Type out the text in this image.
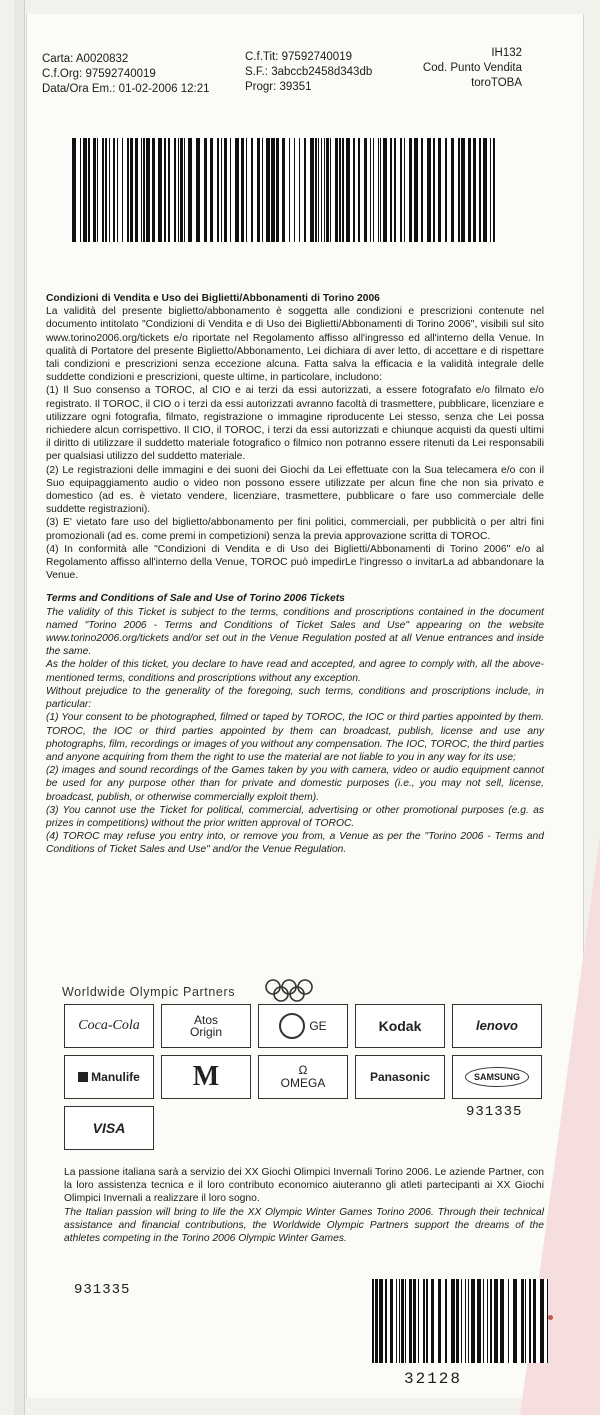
Carta: A0020832
C.f.Org: 97592740019
Data/Ora Em.: 01-02-2006 12:21
C.f.Tit: 97592740019
S.F.: 3abccb2458d343db
Progr: 39351
IH132
Cod. Punto Vendita
toroTOBA

Condizioni di Vendita e Uso dei Biglietti/Abbonamenti di Torino 2006

La validità del presente biglietto/abbonamento è soggetta alle condizioni e prescrizioni contenute nel documento intitolato "Condizioni di Vendita e di Uso dei Biglietti/Abbonamenti di Torino 2006", visibili sul sito www.torino2006.org/tickets e/o riportate nel Regolamento affisso all'ingresso ed all'interno della Venue. In qualità di Portatore del presente Biglietto/Abbonamento, Lei dichiara di aver letto, di accettare e di rispettare tali condizioni e prescrizioni senza eccezione alcuna. Fatta salva la efficacia e la validità integrale delle suddette condizioni e prescrizioni, queste ultime, in particolare, includono:

(1) Il Suo consenso a TOROC, al CIO e ai terzi da essi autorizzati, a essere fotografato e/o filmato e/o registrato. Il TOROC, il CIO o i terzi da essi autorizzati avranno facoltà di trasmettere, pubblicare, licenziare e utilizzare ogni fotografia, filmato, registrazione o immagine riproducente Lei stesso, senza che Lei possa richiedere alcun corrispettivo. Il CIO, il TOROC, i terzi da essi autorizzati e chiunque acquisti da questi ultimi il diritto di utilizzare il suddetto materiale fotografico o filmico non potranno essere ritenuti da Lei responsabili per qualsiasi utilizzo del suddetto materiale.

(2) Le registrazioni delle immagini e dei suoni dei Giochi da Lei effettuate con la Sua telecamera e/o con il Suo equipaggiamento audio o video non possono essere utilizzate per alcun fine che non sia privato e domestico (ad es. è vietato vendere, licenziare, trasmettere, pubblicare o fare uso commerciale delle suddette registrazioni).

(3) E' vietato fare uso del biglietto/abbonamento per fini politici, commerciali, per pubblicità o per altri fini promozionali (ad es. come premi in competizioni) senza la previa approvazione scritta di TOROC.

(4) In conformità alle "Condizioni di Vendita e di Uso dei Biglietti/Abbonamenti di Torino 2006" e/o al Regolamento affisso all'interno della Venue, TOROC può impedirLe l'ingresso o invitarLa ad abbandonare la Venue.

Terms and Conditions of Sale and Use of Torino 2006 Tickets

The validity of this Ticket is subject to the terms, conditions and proscriptions contained in the document named "Torino 2006 - Terms and Conditions of Ticket Sales and Use" appearing on the website www.torino2006.org/tickets and/or set out in the Venue Regulation posted at all Venue entrances and inside the same.

As the holder of this ticket, you declare to have read and accepted, and agree to comply with, all the above-mentioned terms, conditions and proscriptions without any exception.

Without prejudice to the generality of the foregoing, such terms, conditions and proscriptions include, in particular:

(1) Your consent to be photographed, filmed or taped by TOROC, the IOC or third parties appointed by them. TOROC, the IOC or third parties appointed by them can broadcast, publish, license and use any photographs, film, recordings or images of you without any compensation. The IOC, TOROC, the third parties and anyone acquiring from them the right to use the material are not liable to you in any way for its use;

(2) images and sound recordings of the Games taken by you with camera, video or audio equipment cannot be used for any purpose other than for private and domestic purposes (i.e., you may not sell, license, broadcast, publish, or otherwise commercially exploit them).

(3) You cannot use the Ticket for political, commercial, advertising or other promotional purposes (e.g. as prizes in competitions) without the prior written approval of TOROC.

(4) TOROC may refuse you entry into, or remove you from, a Venue as per the "Torino 2006 - Terms and Conditions of Ticket Sales and Use" and/or the Venue Regulation.

Worldwide Olympic Partners
Coca-Cola	Atos Origin	GE	Kodak	lenovo
Manulife M	Ω
OMEGA	Panasonic	SAMSUNG
VISA
931335

La passione italiana sarà a servizio dei XX Giochi Olimpici Invernali Torino 2006. Le aziende Partner, con la loro assistenza tecnica e il loro contributo economico aiuteranno gli atleti partecipanti ai XX Giochi Olimpici Invernali a realizzare il loro sogno.

The Italian passion will bring to life the XX Olympic Winter Games Torino 2006. Through their technical assistance and financial contributions, the Worldwide Olympic Partners support the dreams of the athletes competing in the Torino 2006 Olympic Winter Games.

931335
32128
